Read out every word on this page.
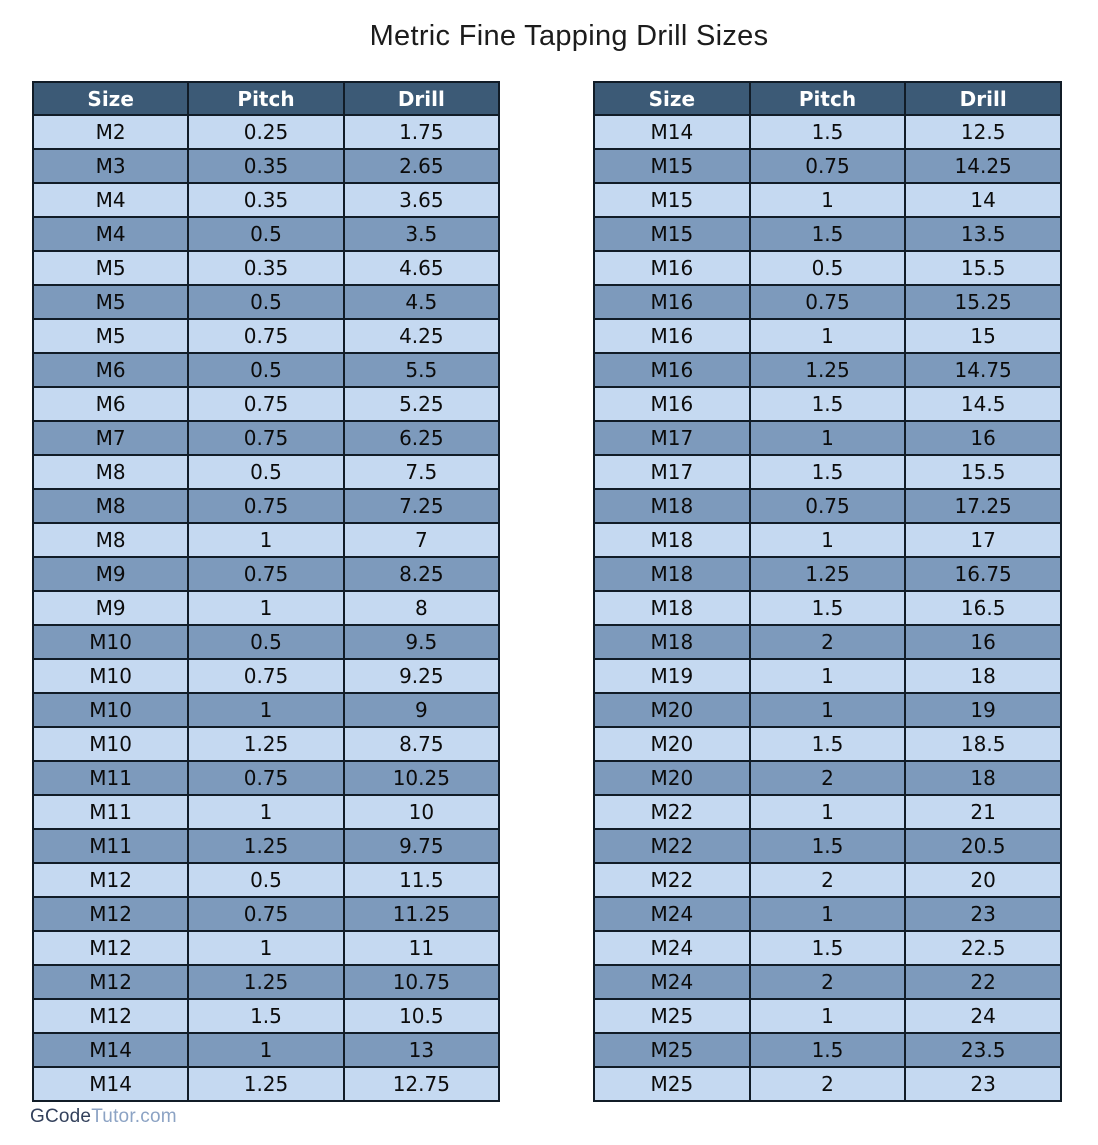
Metric Fine Tapping Drill Sizes
Size	Pitch	Drill
M2	0.25	1.75
M3	0.35	2.65
M4	0.35	3.65
M4	0.5	3.5
M5	0.35	4.65
M5	0.5	4.5
M5	0.75	4.25
M6	0.5	5.5
M6	0.75	5.25
M7	0.75	6.25
M8	0.5	7.5
M8	0.75	7.25
M8	1	7
M9	0.75	8.25
M9	1	8
M10	0.5	9.5
M10	0.75	9.25
M10	1	9
M10	1.25	8.75
M11	0.75	10.25
M11	1	10
M11	1.25	9.75
M12	0.5	11.5
M12	0.75	11.25
M12	1	11
M12	1.25	10.75
M12	1.5	10.5
M14	1	13
M14	1.25	12.75
Size	Pitch	Drill
M14	1.5	12.5
M15	0.75	14.25
M15	1	14
M15	1.5	13.5
M16	0.5	15.5
M16	0.75	15.25
M16	1	15
M16	1.25	14.75
M16	1.5	14.5
M17	1	16
M17	1.5	15.5
M18	0.75	17.25
M18	1	17
M18	1.25	16.75
M18	1.5	16.5
M18	2	16
M19	1	18
M20	1	19
M20	1.5	18.5
M20	2	18
M22	1	21
M22	1.5	20.5
M22	2	20
M24	1	23
M24	1.5	22.5
M24	2	22
M25	1	24
M25	1.5	23.5
M25	2	23
GCodeTutor.com
